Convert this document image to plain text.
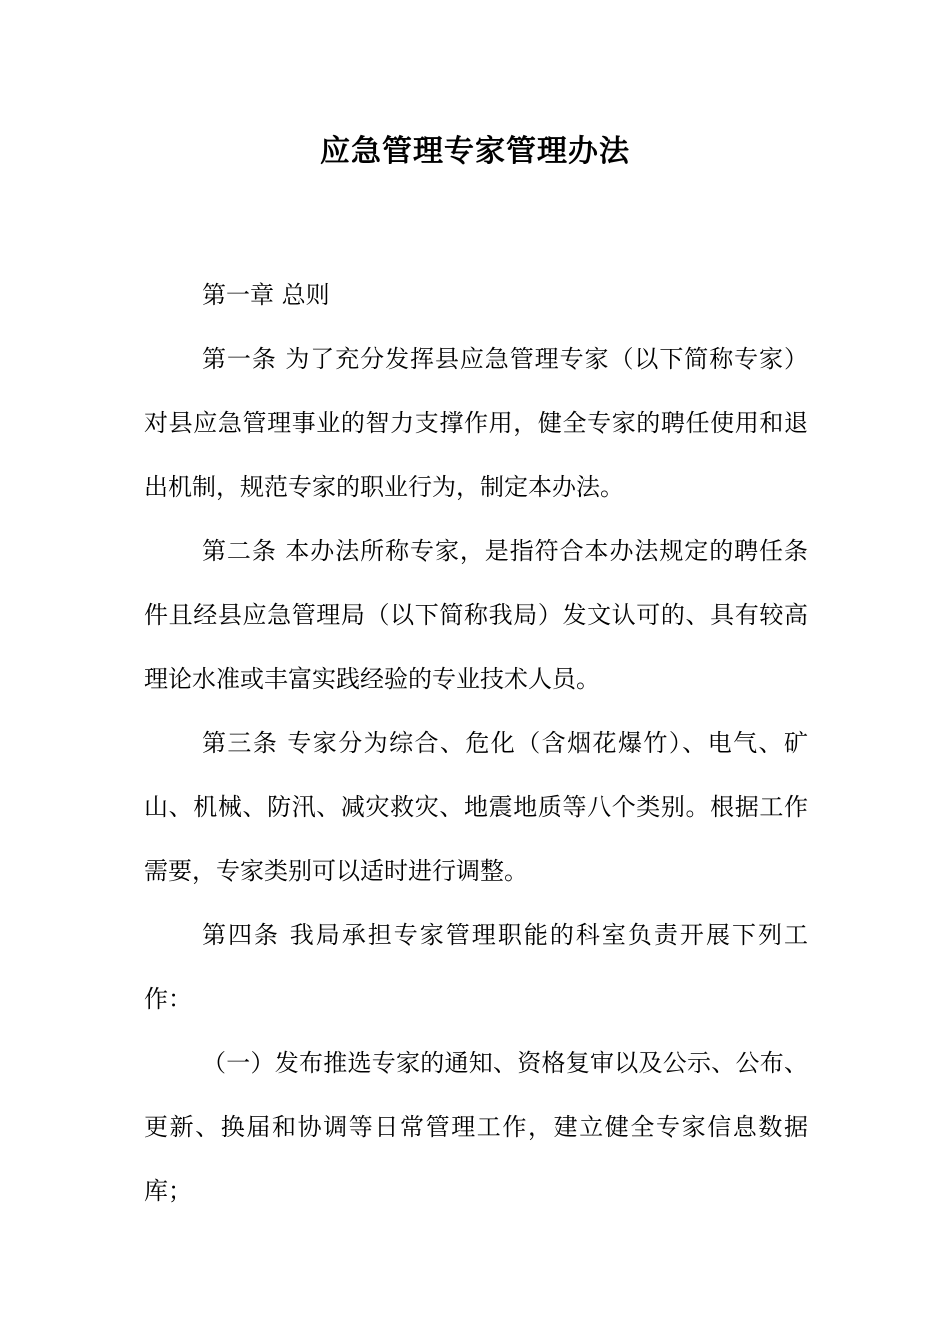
应急管理专家管理办法

第一章 总则

第一条 为了充分发挥县应急管理专家（以下简称专家）对县应急管理事业的智力支撑作用，健全专家的聘任使用和退出机制，规范专家的职业行为，制定本办法。

第二条 本办法所称专家，是指符合本办法规定的聘任条件且经县应急管理局（以下简称我局）发文认可的、具有较高理论水准或丰富实践经验的专业技术人员。

第三条 专家分为综合、危化（含烟花爆竹）、电气、矿山、机械、防汛、减灾救灾、地震地质等八个类别。根据工作需要，专家类别可以适时进行调整。

第四条 我局承担专家管理职能的科室负责开展下列工作：

（一）发布推选专家的通知、资格复审以及公示、公布、更新、换届和协调等日常管理工作，建立健全专家信息数据库；
